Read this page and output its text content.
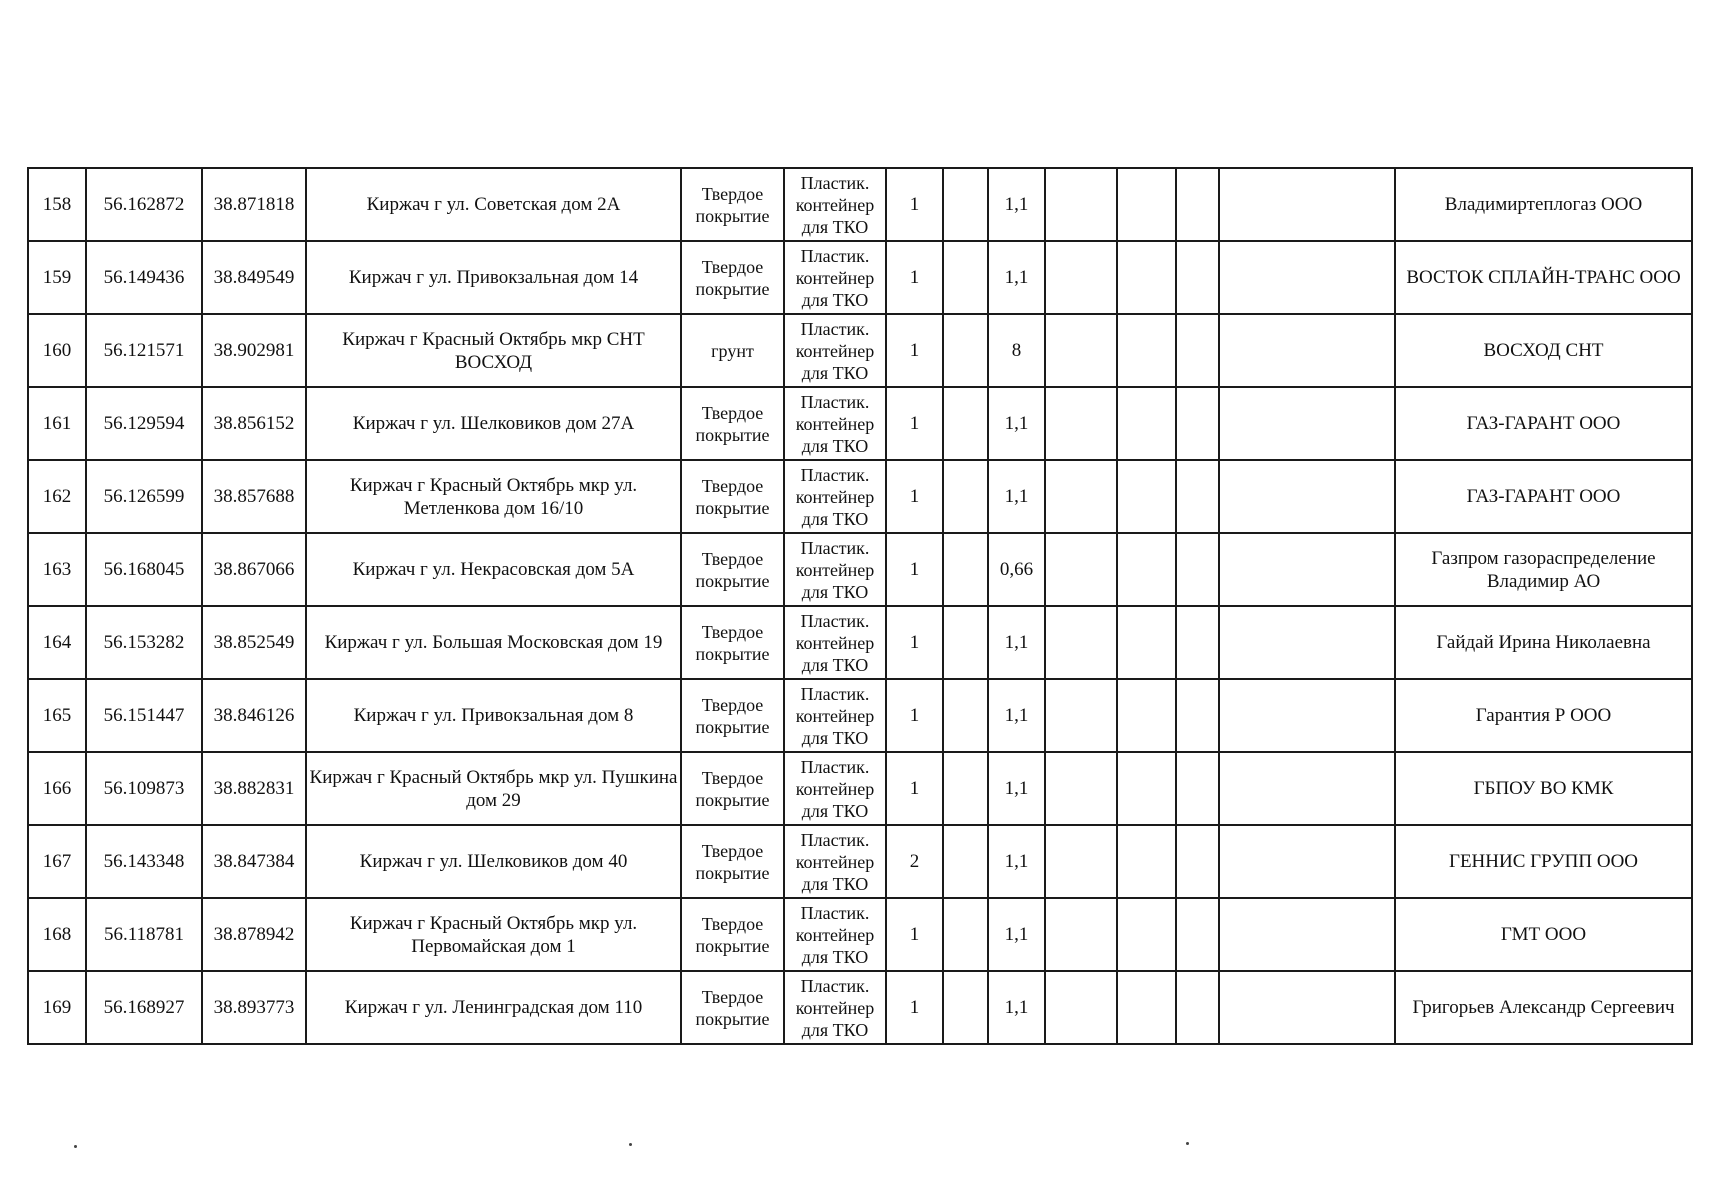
158	56.162872	38.871818	Киржач г ул. Советская дом 2А	Твердое покрытие	Пластик. контейнер для ТКО	1		1,1					Владимиртеплогаз ООО
159	56.149436	38.849549	Киржач г ул. Привокзальная дом 14	Твердое покрытие	Пластик. контейнер для ТКО	1		1,1					ВОСТОК СПЛАЙН-ТРАНС ООО
160	56.121571	38.902981	Киржач г Красный Октябрь мкр СНТ ВОСХОД	грунт	Пластик. контейнер для ТКО	1		8					ВОСХОД СНТ
161	56.129594	38.856152	Киржач г ул. Шелковиков дом 27А	Твердое покрытие	Пластик. контейнер для ТКО	1		1,1					ГАЗ-ГАРАНТ ООО
162	56.126599	38.857688	Киржач г Красный Октябрь мкр ул. Метленкова дом 16/10	Твердое покрытие	Пластик. контейнер для ТКО	1		1,1					ГАЗ-ГАРАНТ ООО
163	56.168045	38.867066	Киржач г ул. Некрасовская дом 5А	Твердое покрытие	Пластик. контейнер для ТКО	1		0,66					Газпром газораспределение Владимир АО
164	56.153282	38.852549	Киржач г ул. Большая Московская дом 19	Твердое покрытие	Пластик. контейнер для ТКО	1		1,1					Гайдай Ирина Николаевна
165	56.151447	38.846126	Киржач г ул. Привокзальная дом 8	Твердое покрытие	Пластик. контейнер для ТКО	1		1,1					Гарантия Р ООО
166	56.109873	38.882831	Киржач г Красный Октябрь мкр ул. Пушкина дом 29	Твердое покрытие	Пластик. контейнер для ТКО	1		1,1					ГБПОУ ВО КМК
167	56.143348	38.847384	Киржач г ул. Шелковиков дом 40	Твердое покрытие	Пластик. контейнер для ТКО	2		1,1					ГЕННИС ГРУПП ООО
168	56.118781	38.878942	Киржач г Красный Октябрь мкр ул. Первомайская дом 1	Твердое покрытие	Пластик. контейнер для ТКО	1		1,1					ГМТ ООО
169	56.168927	38.893773	Киржач г ул. Ленинградская дом 110	Твердое покрытие	Пластик. контейнер для ТКО	1		1,1					Григорьев Александр Сергеевич
